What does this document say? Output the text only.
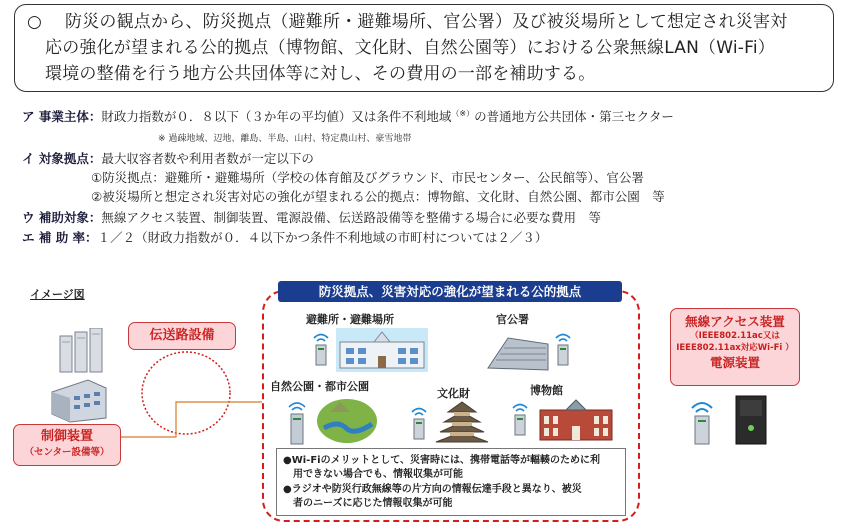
○ 防災の観点から、防災拠点（避難所・避難場所、官公署）及び被災場所として想定され災害対
応の強化が望まれる公的拠点（博物館、文化財、自然公園等）における公衆無線LAN（Wi-Fi）
環境の整備を行う地方公共団体等に対し、その費用の一部を補助する。
ア 事業主体：財政力指数が０．８以下（３か年の平均値）又は条件不利地域（※）の普通地方公共団体・第三セクター
※ 過疎地域、辺地、離島、半島、山村、特定農山村、豪雪地帯
イ 対象拠点：最大収容者数や利用者数が一定以下の
①防災拠点：避難所・避難場所（学校の体育館及びグラウンド、市民センター、公民館等）、官公署
②被災場所と想定され災害対応の強化が望まれる公的拠点：博物館、文化財、自然公園、都市公園　等
ウ 補助対象：無線アクセス装置、制御装置、電源設備、伝送路設備等を整備する場合に必要な費用　等
エ 補 助 率：１／２（財政力指数が０．４以下かつ条件不利地域の市町村については２／３）
イメージ図
制御装置
（センター設備等）
伝送路設備
防災拠点、災害対応の強化が望まれる公的拠点
避難所・避難場所	官公署
自然公園・都市公園
文化財	博物館
●Wi-Fiのメリットとして、災害時には、携帯電話等が輻輳のために利
　用できない場合でも、情報収集が可能
●ラジオや防災行政無線等の片方向の情報伝達手段と異なり、被災
　者のニーズに応じた情報収集が可能
無線アクセス装置
（IEEE802.11ac又は
IEEE802.11ax対応Wi-Fi ）
電源装置
